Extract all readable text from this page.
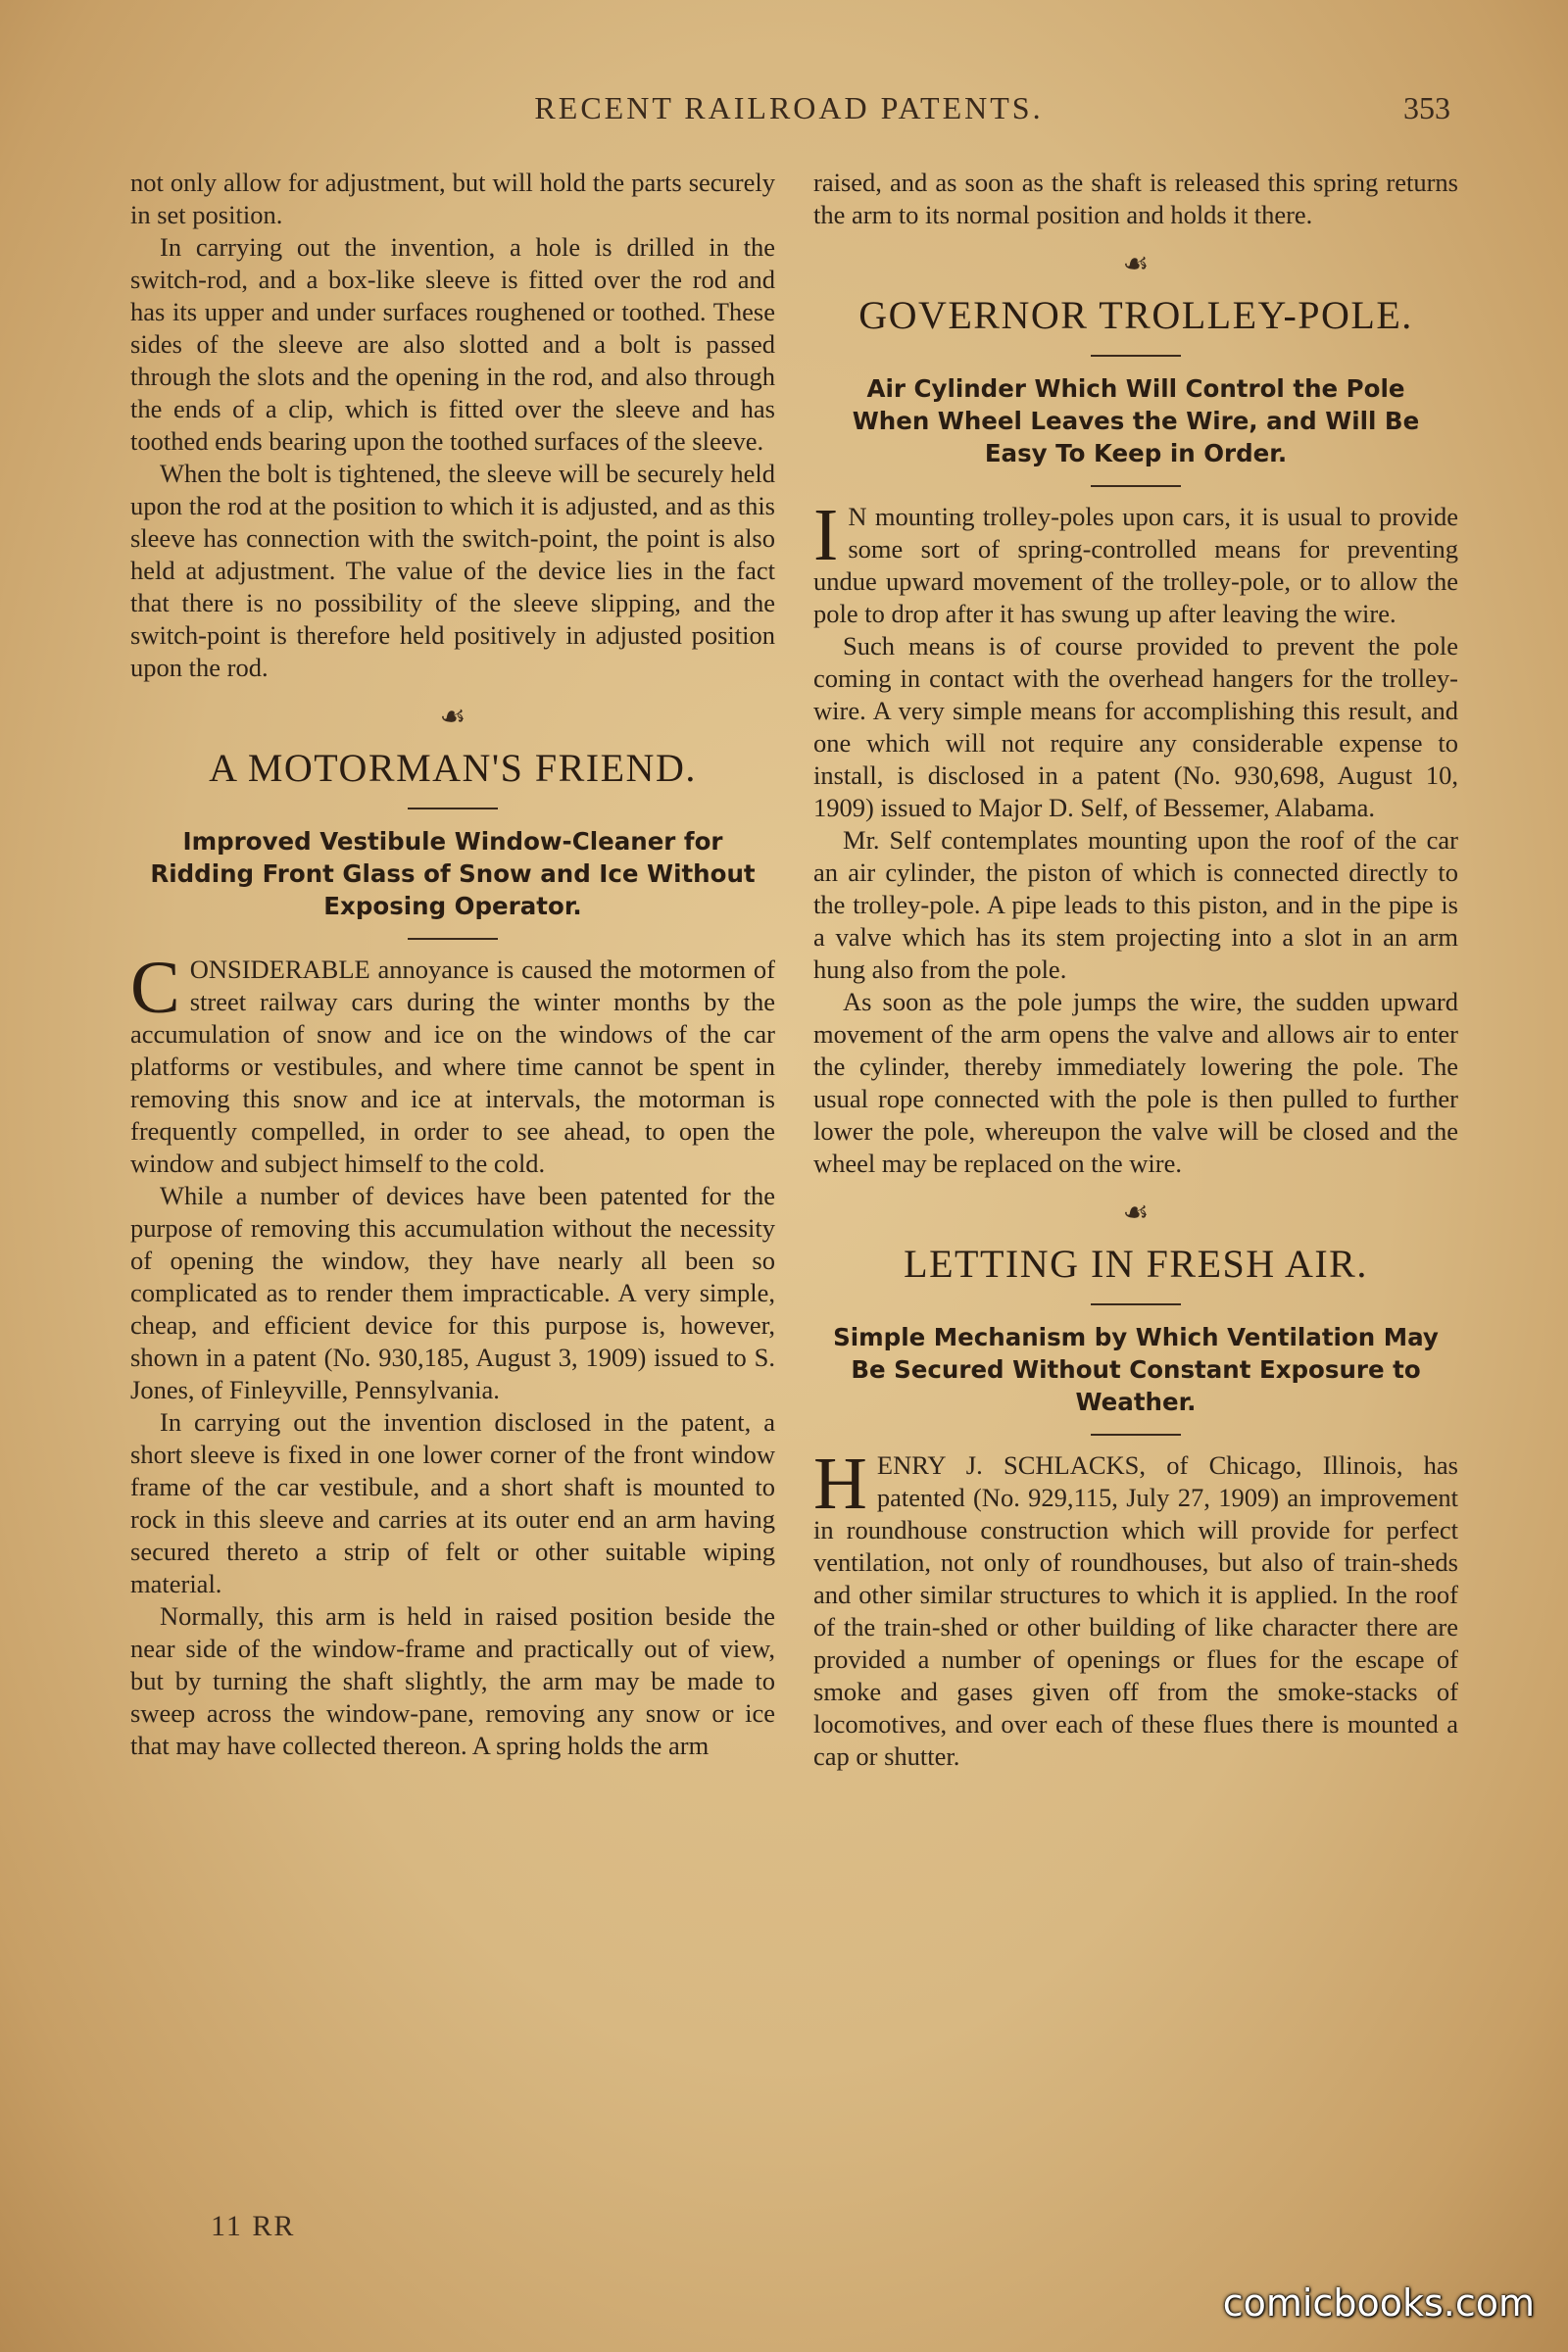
RECENT RAILROAD PATENTS.	353

not only allow for adjustment, but will hold the parts securely in set position.

In carrying out the invention, a hole is drilled in the switch-rod, and a box-like sleeve is fitted over the rod and has its upper and under surfaces roughened or toothed. These sides of the sleeve are also slotted and a bolt is passed through the slots and the opening in the rod, and also through the ends of a clip, which is fitted over the sleeve and has toothed ends bearing upon the toothed surfaces of the sleeve.

When the bolt is tightened, the sleeve will be securely held upon the rod at the position to which it is adjusted, and as this sleeve has connection with the switch-point, the point is also held at adjustment. The value of the device lies in the fact that there is no possibility of the sleeve slipping, and the switch-point is therefore held positively in adjusted position upon the rod.

☙
A MOTORMAN'S FRIEND.
Improved Vestibule Window-Cleaner for Ridding Front Glass of Snow and Ice Without Exposing Operator.

CONSIDERABLE annoyance is caused the motormen of street railway cars during the winter months by the accumulation of snow and ice on the windows of the car platforms or vestibules, and where time cannot be spent in removing this snow and ice at intervals, the motorman is frequently compelled, in order to see ahead, to open the window and subject himself to the cold.

While a number of devices have been patented for the purpose of removing this accumulation without the necessity of opening the window, they have nearly all been so complicated as to render them impracticable. A very simple, cheap, and efficient device for this purpose is, however, shown in a patent (No. 930,185, August 3, 1909) issued to S. Jones, of Finleyville, Pennsylvania.

In carrying out the invention disclosed in the patent, a short sleeve is fixed in one lower corner of the front window frame of the car vestibule, and a short shaft is mounted to rock in this sleeve and carries at its outer end an arm having secured thereto a strip of felt or other suitable wiping material.

Normally, this arm is held in raised position beside the near side of the window-frame and practically out of view, but by turning the shaft slightly, the arm may be made to sweep across the window-pane, removing any snow or ice that may have collected thereon. A spring holds the arm

11 RR

raised, and as soon as the shaft is released this spring returns the arm to its normal position and holds it there.

☙
GOVERNOR TROLLEY-POLE.
Air Cylinder Which Will Control the Pole When Wheel Leaves the Wire, and Will Be Easy To Keep in Order.

I N mounting trolley-poles upon cars, it is usual to provide some sort of spring-controlled means for preventing undue upward movement of the trolley-pole, or to allow the pole to drop after it has swung up after leaving the wire.

Such means is of course provided to prevent the pole coming in contact with the overhead hangers for the trolley-wire. A very simple means for accomplishing this result, and one which will not require any considerable expense to install, is disclosed in a patent (No. 930,698, August 10, 1909) issued to Major D. Self, of Bessemer, Alabama.

Mr. Self contemplates mounting upon the roof of the car an air cylinder, the piston of which is connected directly to the trolley-pole. A pipe leads to this piston, and in the pipe is a valve which has its stem projecting into a slot in an arm hung also from the pole.

As soon as the pole jumps the wire, the sudden upward movement of the arm opens the valve and allows air to enter the cylinder, thereby immediately lowering the pole. The usual rope connected with the pole is then pulled to further lower the pole, whereupon the valve will be closed and the wheel may be replaced on the wire.

☙
LETTING IN FRESH AIR.
Simple Mechanism by Which Ventilation May Be Secured Without Constant Exposure to Weather.

HENRY J. SCHLACKS, of Chicago, Illinois, has patented (No. 929,115, July 27, 1909) an improvement in roundhouse construction which will provide for perfect ventilation, not only of roundhouses, but also of train-sheds and other similar structures to which it is applied. In the roof of the train-shed or other building of like character there are provided a number of openings or flues for the escape of smoke and gases given off from the smoke-stacks of locomotives, and over each of these flues there is mounted a cap or shutter.

comicbooks.com
